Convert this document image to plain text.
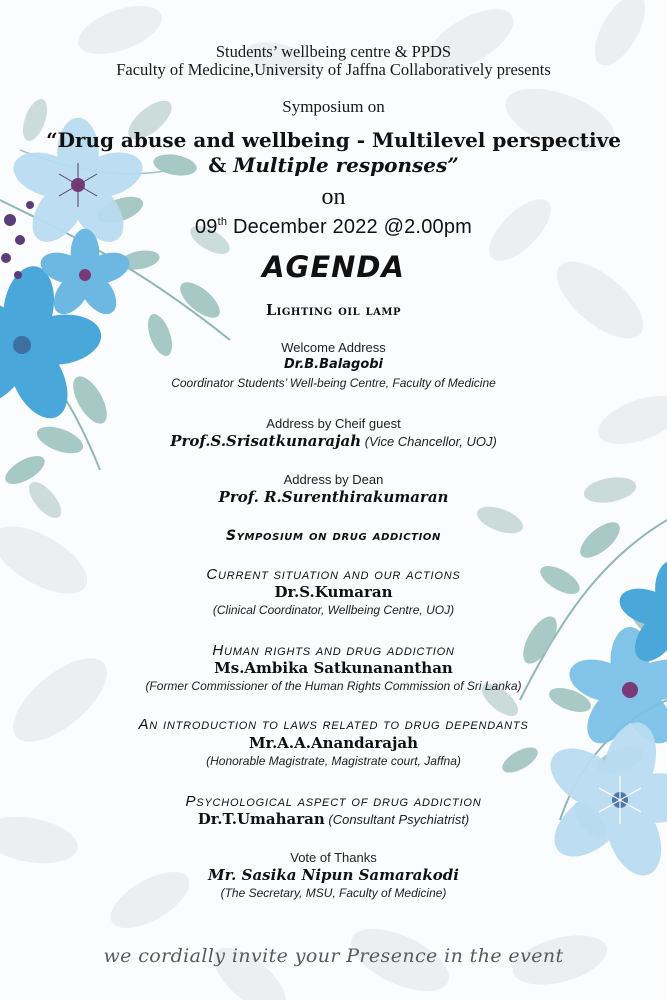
Students’ wellbeing centre & PPDS
Faculty of Medicine,University of Jaffna Collaboratively presents
Symposium on
“Drug abuse and wellbeing - Multilevel perspective
& Multiple responses”
on
09th December 2022 @2.00pm
AGENDA
Lighting oil lamp
Welcome Address
Dr.B.Balagobi
Coordinator Students’ Well-being Centre, Faculty of Medicine
Address by Cheif guest
Prof.S.Srisatkunarajah (Vice Chancellor, UOJ)
Address by Dean
Prof. R.Surenthirakumaran
Symposium on drug addiction
Current situation and our actions
Dr.S.Kumaran
(Clinical Coordinator, Wellbeing Centre, UOJ)
Human rights and drug addiction
Ms.Ambika Satkunananthan
(Former Commissioner of the Human Rights Commission of Sri Lanka)
An introduction to laws related to drug dependants
Mr.A.A.Anandarajah
(Honorable Magistrate, Magistrate court, Jaffna)
Psychological aspect of drug addiction
Dr.T.Umaharan (Consultant Psychiatrist)
Vote of Thanks
Mr. Sasika Nipun Samarakodi
(The Secretary, MSU, Faculty of Medicine)
we cordially invite your Presence in the event
